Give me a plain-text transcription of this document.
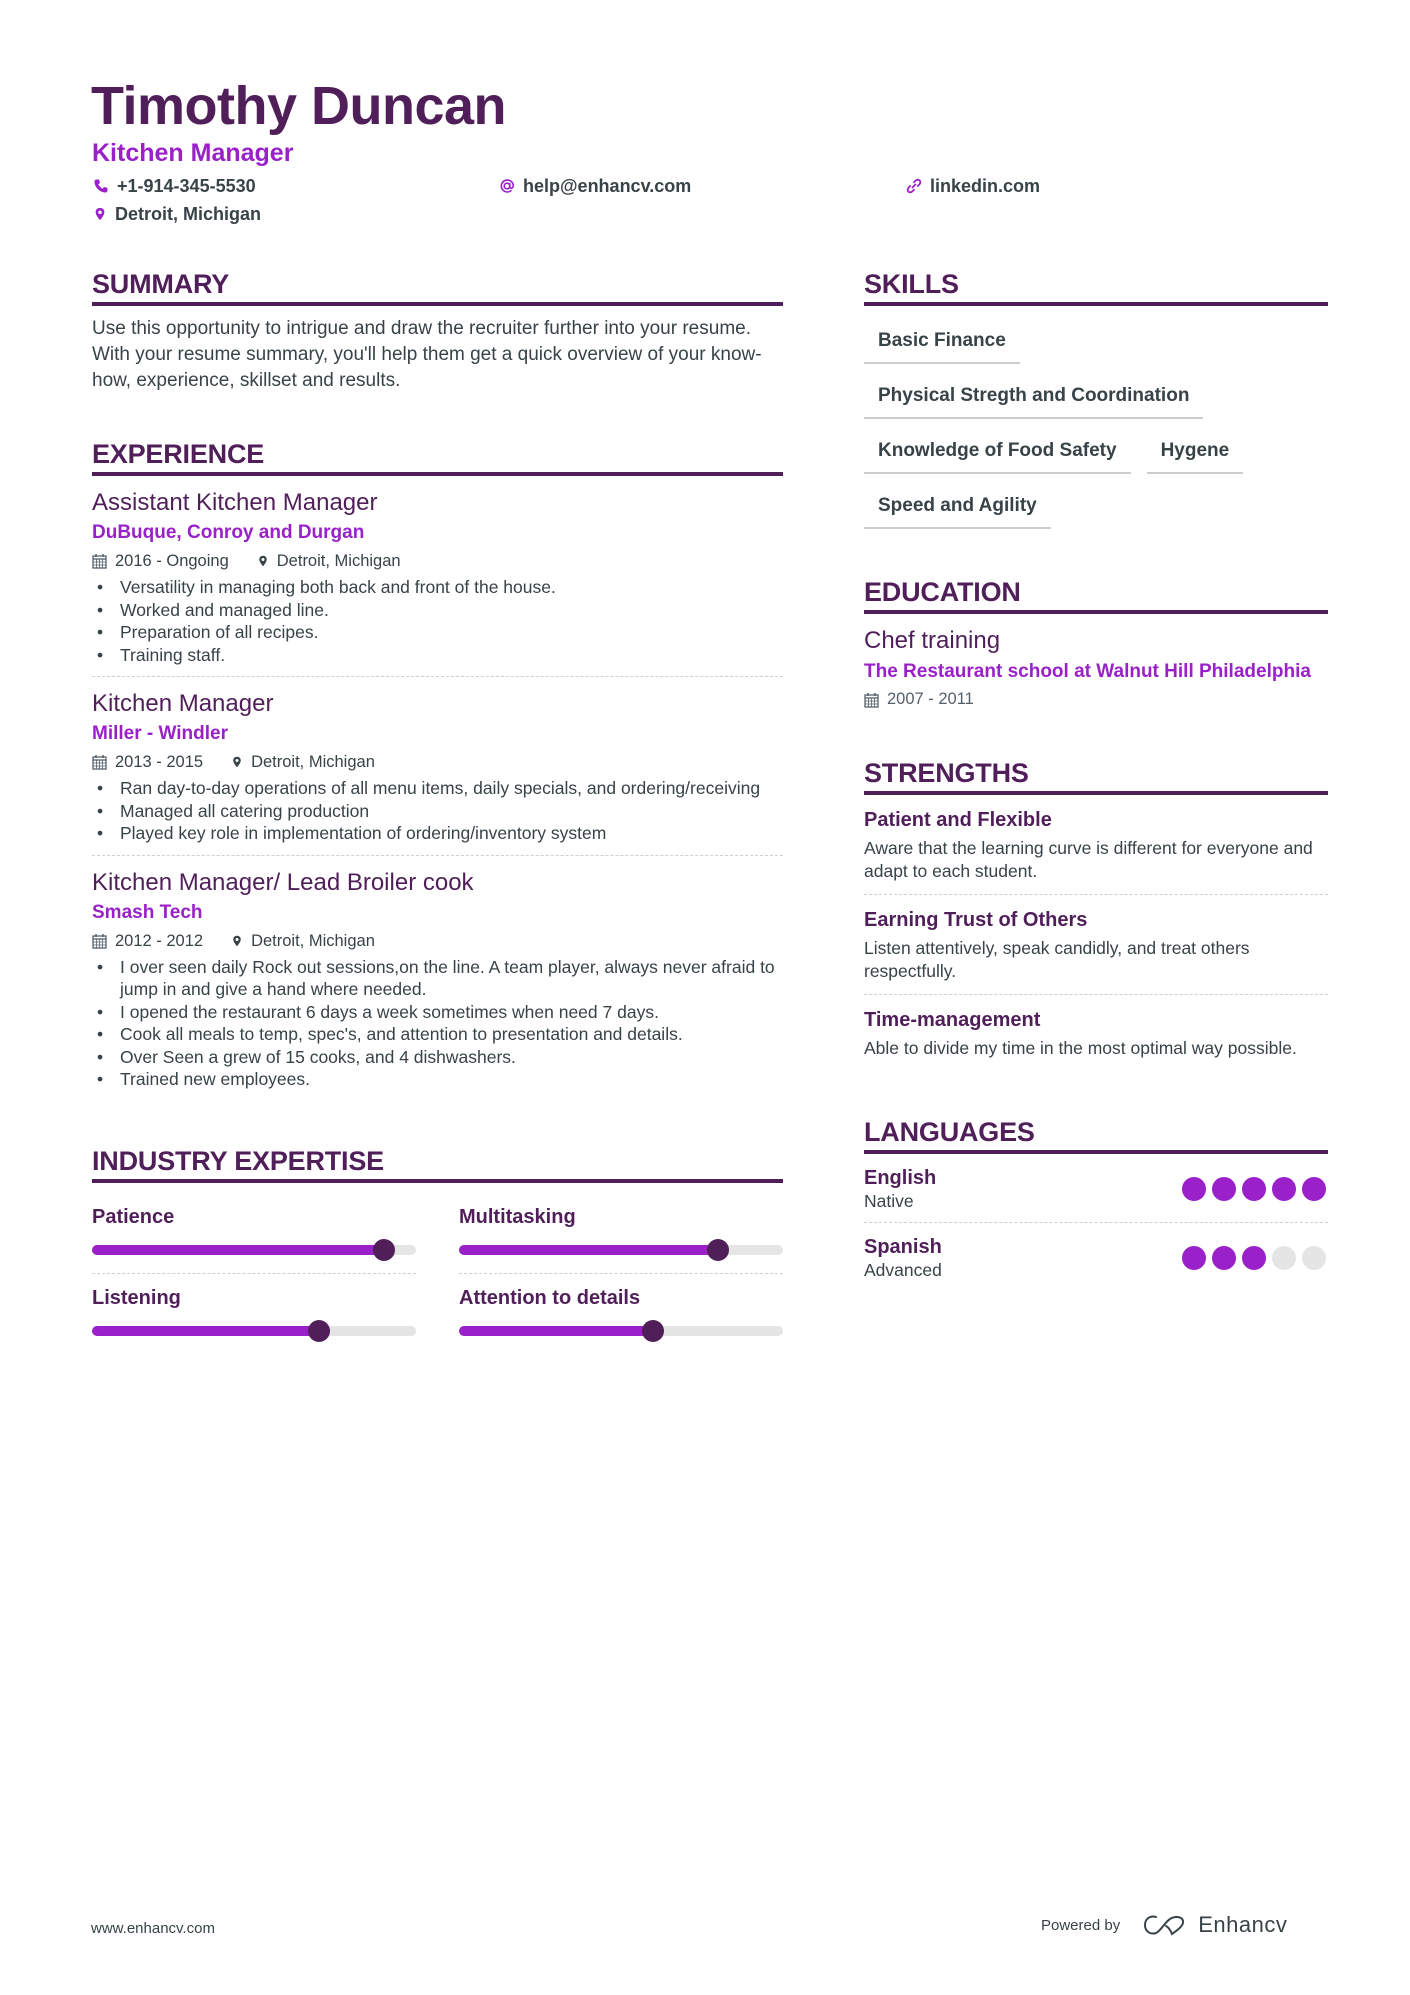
Timothy Duncan
Kitchen Manager
+1-914-345-5530	help@enhancv.com	linkedin.com
Detroit, Michigan
SUMMARY

Use this opportunity to intrigue and draw the recruiter further into your resume. With your resume summary, you'll help them get a quick overview of your know-how, experience, skillset and results.

EXPERIENCE
Assistant Kitchen Manager
DuBuque, Conroy and Durgan
2016 - Ongoing	Detroit, Michigan
• Versatility in managing both back and front of the house.
• Worked and managed line.
• Preparation of all recipes.
• Training staff.
Kitchen Manager
Miller - Windler
2013 - 2015	Detroit, Michigan
• Ran day-to-day operations of all menu items, daily specials, and ordering/receiving
• Managed all catering production
• Played key role in implementation of ordering/inventory system
Kitchen Manager/ Lead Broiler cook
Smash Tech
2012 - 2012	Detroit, Michigan
• I over seen daily Rock out sessions,on the line. A team player, always never afraid to jump in and give a hand where needed.
• I opened the restaurant 6 days a week sometimes when need 7 days.
• Cook all meals to temp, spec's, and attention to presentation and details.
• Over Seen a grew of 15 cooks, and 4 dishwashers.
• Trained new employees.
INDUSTRY EXPERTISE
Patience	Multitasking
Listening	Attention to details
SKILLS
Basic Finance
Physical Stregth and Coordination
Knowledge of Food Safety	Hygene
Speed and Agility
EDUCATION
Chef training
The Restaurant school at Walnut Hill Philadelphia
2007 - 2011
STRENGTHS
Patient and Flexible
Aware that the learning curve is different for everyone and adapt to each student.
Earning Trust of Others
Listen attentively, speak candidly, and treat others respectfully.
Time-management
Able to divide my time in the most optimal way possible.
LANGUAGES
English
Native
Spanish
Advanced
www.enhancv.com	Powered by	Enhancv
